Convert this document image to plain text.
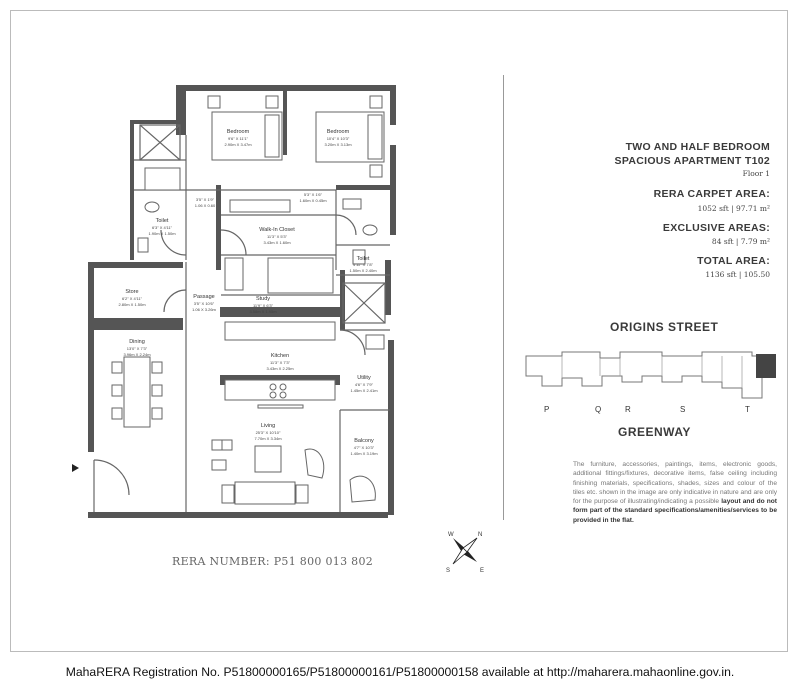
Bedroom
9'6" X 11'1"
2.90m X 3.47m
Bedroom
10'4" X 10'3"
3.20m X 3.13m
3'5" X 1'9"
1.06 X 0.60
5'3" X 1'6"
1.60m X 0.45m
Walk-In Closet
11'3" X 5'3"
3.43m X 1.60m
Toilet
6'3" X 4'11"
1.90m X 1.50m
Toilet
4'11" X 7'8"
1.50m X 2.40m
Store
6'2" X 4'11"
2.80m X 1.50m
Passage
3'5" X 10'6"
1.06 X 3.26m
Study
11'9" X 6'3"
3.58m X 1.95m
Kitchen
11'3" X 7'3"
3.43m X 2.25m
Dining
13'0" X 7'3"
3.96m X 2.24m
Utility
4'6" X 7'9"
1.45m X 2.41m
Living
25'3" X 10'10"
7.70m X 3.34m	Balcony
4'7" X 10'3"
1.40m X 3.19m
TWO AND HALF BEDROOM
SPACIOUS APARTMENT T102
Floor 1
RERA CARPET AREA:
1052 sft | 97.71 m²
EXCLUSIVE AREAS:
84 sft | 7.79 m²
TOTAL AREA:
1136 sft | 105.50
ORIGINS STREET
P	Q	R	S	T
GREENWAY
The furniture, accessories, paintings, items, electronic goods, additional fittings/fixtures, decorative items, false ceiling including finishing materials, specifications, shades, sizes and colour of the tiles etc. shown in the image are only indicative in nature and are only for the purpose of illustrating/indicating a possible layout and do not form part of the standard specifications/amenities/services to be provided in the flat.
RERA NUMBER: P51 800 013 802
W	N
S	E
MahaRERA Registration No. P51800000165/P51800000161/P51800000158 available at http://maharera.mahaonline.gov.in.
